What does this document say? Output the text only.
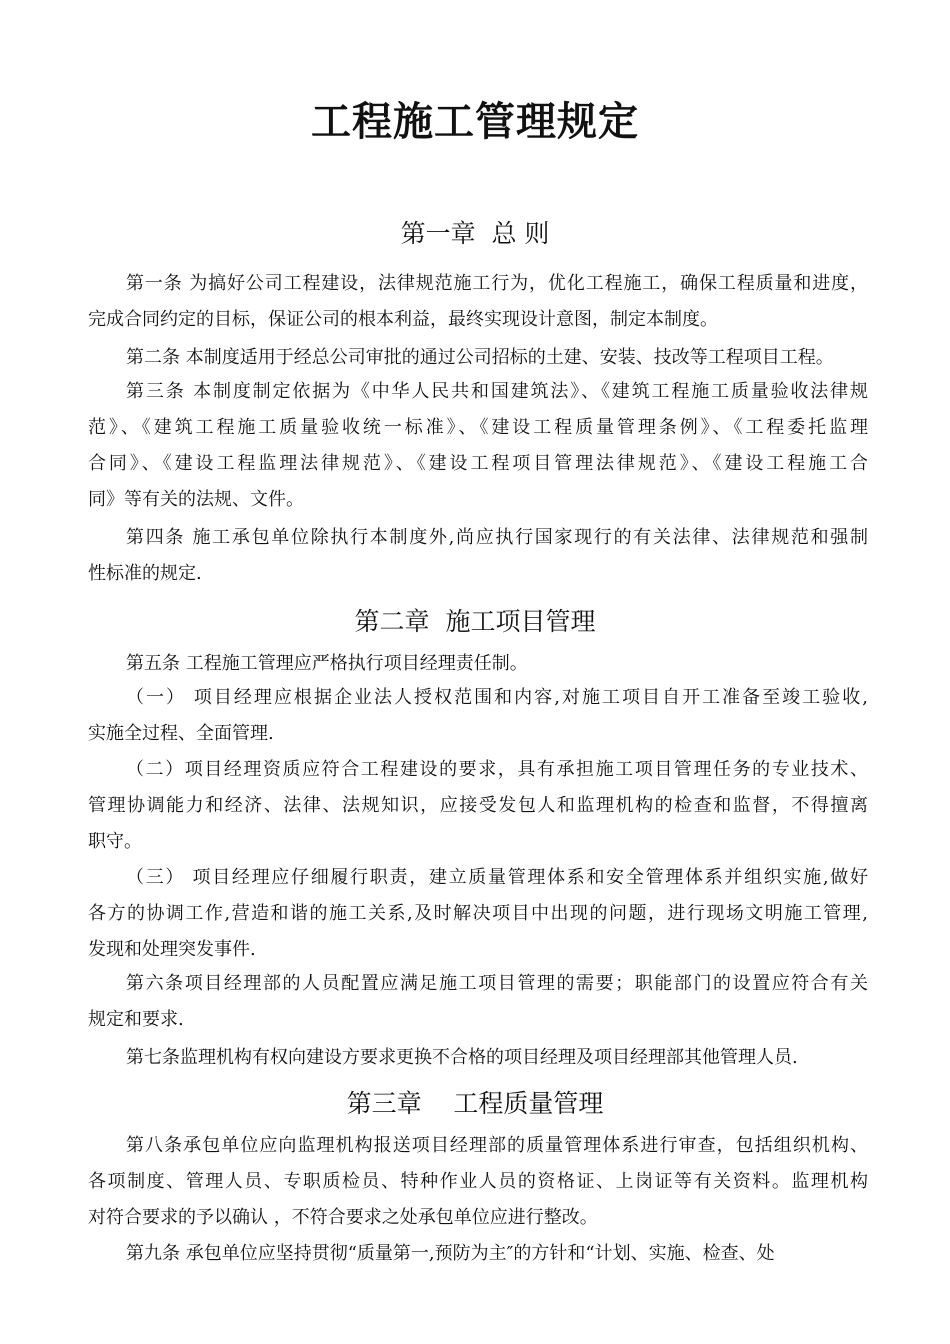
工程施工管理规定
第一章  总 则
第一条 为搞好公司工程建设，法律规范施工行为，优化工程施工，确保工程质量和进度，
完成合同约定的目标，保证公司的根本利益，最终实现设计意图，制定本制度。
第二条 本制度适用于经总公司审批的通过公司招标的土建、安装、技改等工程项目工程。
第三条 本制度制定依据为《中华人民共和国建筑法》、《建筑工程施工质量验收法律规
范》、《建筑工程施工质量验收统一标准》、《建设工程质量管理条例》、《工程委托监理
合同》、《建设工程监理法律规范》、《建设工程项目管理法律规范》、《建设工程施工合
同》等有关的法规、文件。
第四条 施工承包单位除执行本制度外,尚应执行国家现行的有关法律、法律规范和强制
性标准的规定.
第二章  施工项目管理
第五条 工程施工管理应严格执行项目经理责任制。
（一） 项目经理应根据企业法人授权范围和内容,对施工项目自开工准备至竣工验收,
实施全过程、全面管理.
（二）项目经理资质应符合工程建设的要求，具有承担施工项目管理任务的专业技术、
管理协调能力和经济、法律、法规知识，应接受发包人和监理机构的检查和监督，不得擅离
职守。
（三） 项目经理应仔细履行职责，建立质量管理体系和安全管理体系并组织实施,做好
各方的协调工作,营造和谐的施工关系,及时解决项目中出现的问题，进行现场文明施工管理,
发现和处理突发事件.
第六条项目经理部的人员配置应满足施工项目管理的需要；职能部门的设置应符合有关
规定和要求.
第七条监理机构有权向建设方要求更换不合格的项目经理及项目经理部其他管理人员.
第三章    工程质量管理
第八条承包单位应向监理机构报送项目经理部的质量管理体系进行审查，包括组织机构、
各项制度、管理人员、专职质检员、特种作业人员的资格证、上岗证等有关资料。监理机构
对符合要求的予以确认 ，不符合要求之处承包单位应进行整改。
第九条 承包单位应坚持贯彻“质量第一,预防为主″的方针和“计划、实施、检查、处
